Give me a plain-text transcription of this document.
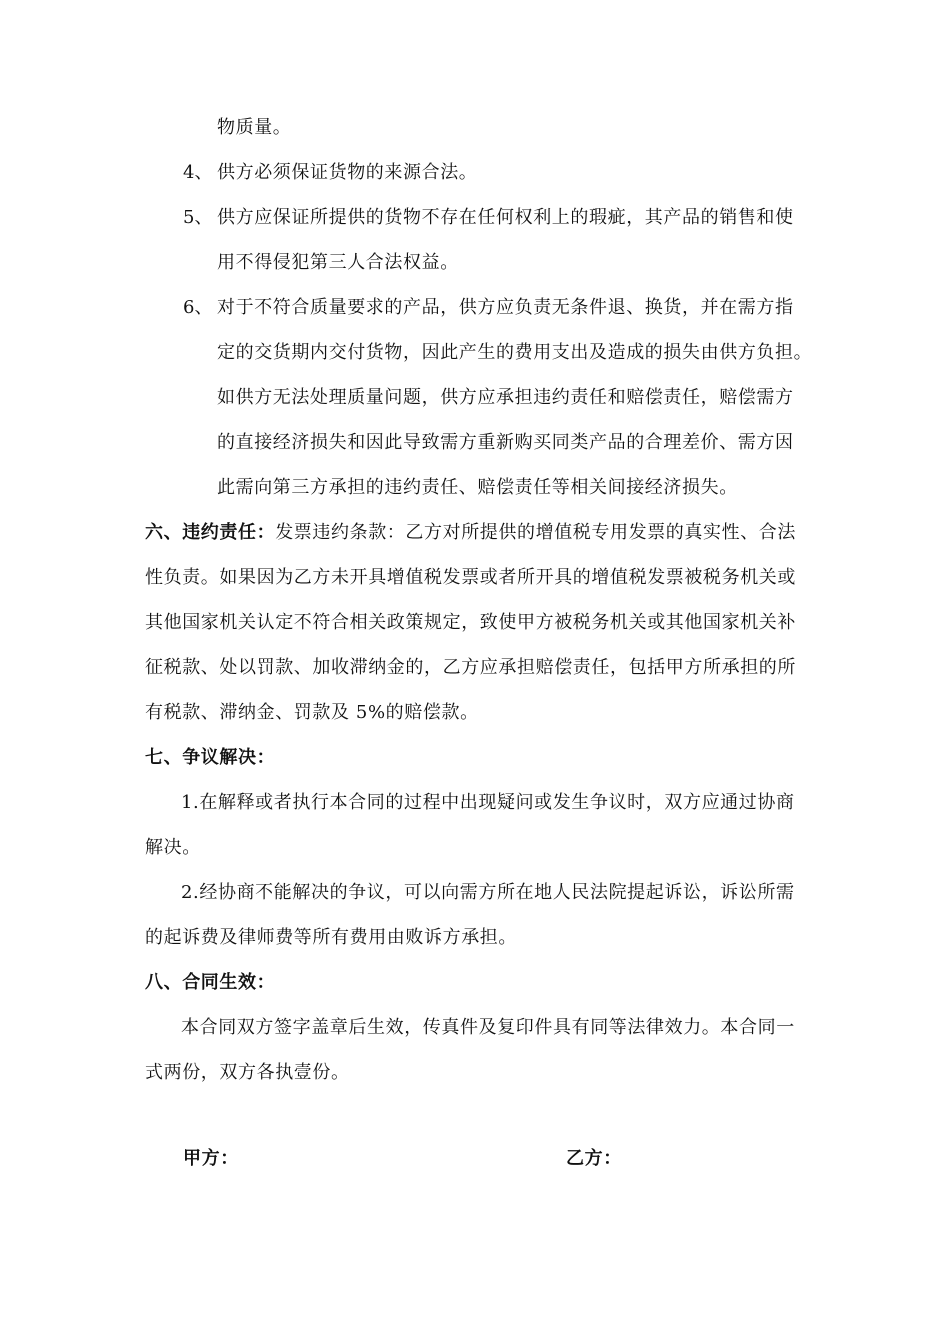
物质量。
4、 供方必须保证货物的来源合法。
5、 供方应保证所提供的货物不存在任何权利上的瑕疵，其产品的销售和使
用不得侵犯第三人合法权益。
6、 对于不符合质量要求的产品，供方应负责无条件退、换货，并在需方指
定的交货期内交付货物，因此产生的费用支出及造成的损失由供方负担。
如供方无法处理质量问题，供方应承担违约责任和赔偿责任，赔偿需方
的直接经济损失和因此导致需方重新购买同类产品的合理差价、需方因
此需向第三方承担的违约责任、赔偿责任等相关间接经济损失。
六、违约责任：发票违约条款：乙方对所提供的增值税专用发票的真实性、合法
性负责。如果因为乙方未开具增值税发票或者所开具的增值税发票被税务机关或
其他国家机关认定不符合相关政策规定，致使甲方被税务机关或其他国家机关补
征税款、处以罚款、加收滞纳金的，乙方应承担赔偿责任，包括甲方所承担的所
有税款、滞纳金、罚款及 5%的赔偿款。
七、争议解决：
1.在解释或者执行本合同的过程中出现疑问或发生争议时，双方应通过协商
解决。
2.经协商不能解决的争议，可以向需方所在地人民法院提起诉讼，诉讼所需
的起诉费及律师费等所有费用由败诉方承担。
八、合同生效：
本合同双方签字盖章后生效，传真件及复印件具有同等法律效力。本合同一
式两份，双方各执壹份。
甲方：	乙方：
